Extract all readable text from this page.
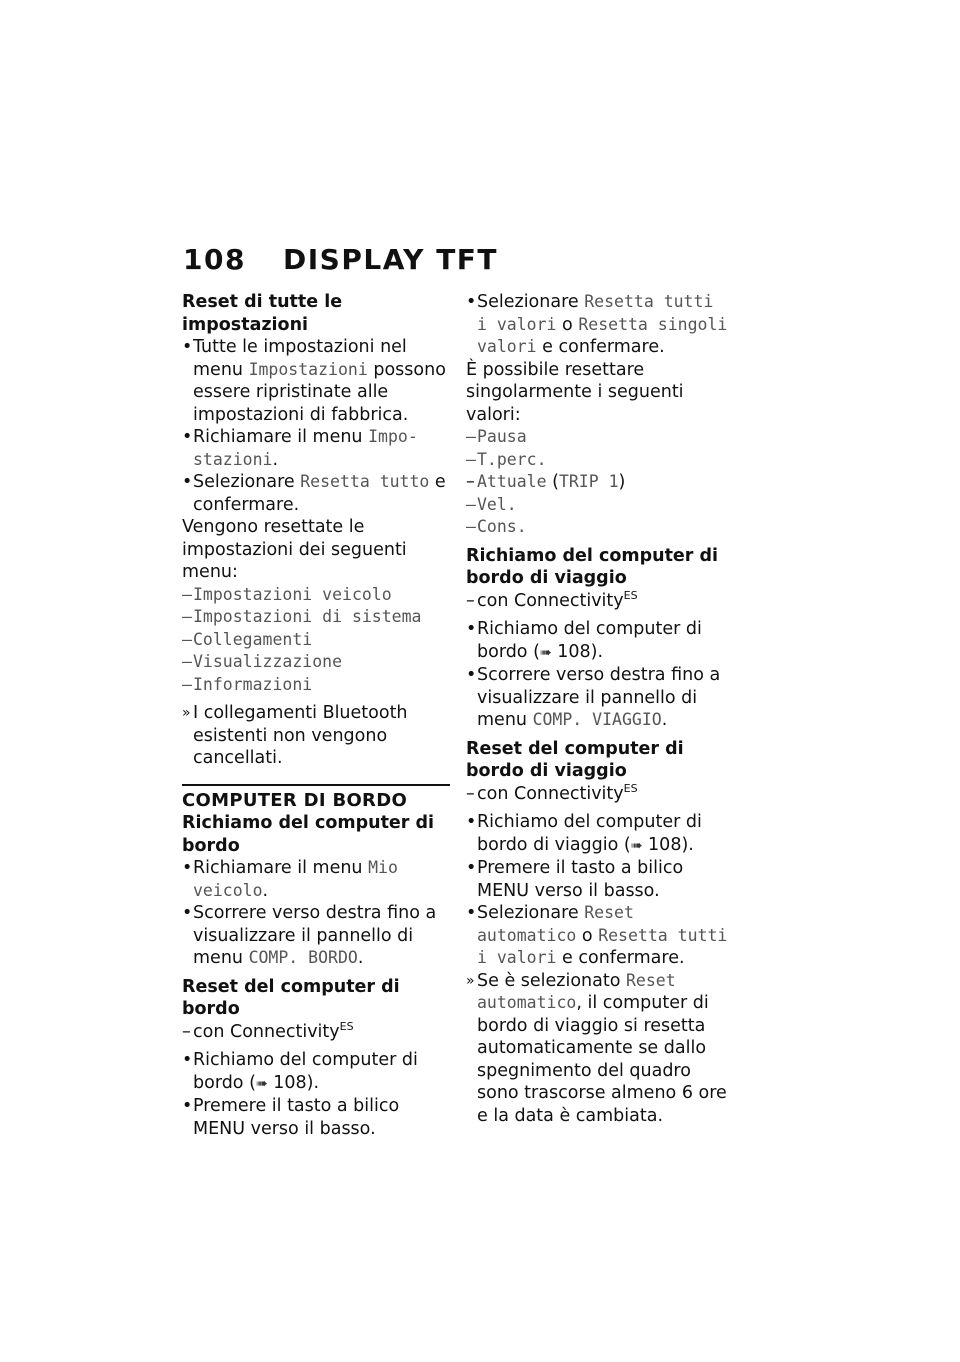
108 DISPLAY TFT

Reset di tutte le impostazioni

• Tutte le impostazioni nel menu Impostazioni possono essere ripristinate alle impostazioni di fabbrica.
• Richiamare il menu Impo-stazioni.
• Selezionare Resetta tutto e confermare.

Vengono resettate le impostazioni dei seguenti menu:

– Impostazioni veicolo
– Impostazioni di sistema
– Collegamenti
– Visualizzazione
– Informazioni
» I collegamenti Bluetooth esistenti non vengono cancellati.
COMPUTER DI BORDO

Richiamo del computer di bordo

• Richiamare il menu Mio veicolo.
• Scorrere verso destra fino a visualizzare il pannello di menu COMP. BORDO.

Reset del computer di bordo

– con Connectivity$^{ES}$
• Richiamo del computer di bordo (➠ 108).
• Premere il tasto a bilico MENU verso il basso.
• Selezionare Resetta tutti i valori o Resetta singoli valori e confermare.

È possibile resettare singolarmente i seguenti valori:

– Pausa
– T.perc.
– Attuale (TRIP 1)
– Vel.
– Cons.

Richiamo del computer di bordo di viaggio

– con Connectivity$^{ES}$
• Richiamo del computer di bordo (➠ 108).
• Scorrere verso destra fino a visualizzare il pannello di menu COMP. VIAGGIO.

Reset del computer di bordo di viaggio

– con Connectivity$^{ES}$
• Richiamo del computer di bordo di viaggio (➠ 108).
• Premere il tasto a bilico MENU verso il basso.
• Selezionare Reset automatico o Resetta tutti i valori e confermare.
» Se è selezionato Reset automatico, il computer di bordo di viaggio si resetta automaticamente se dallo spegnimento del quadro sono trascorse almeno 6 ore e la data è cambiata.
